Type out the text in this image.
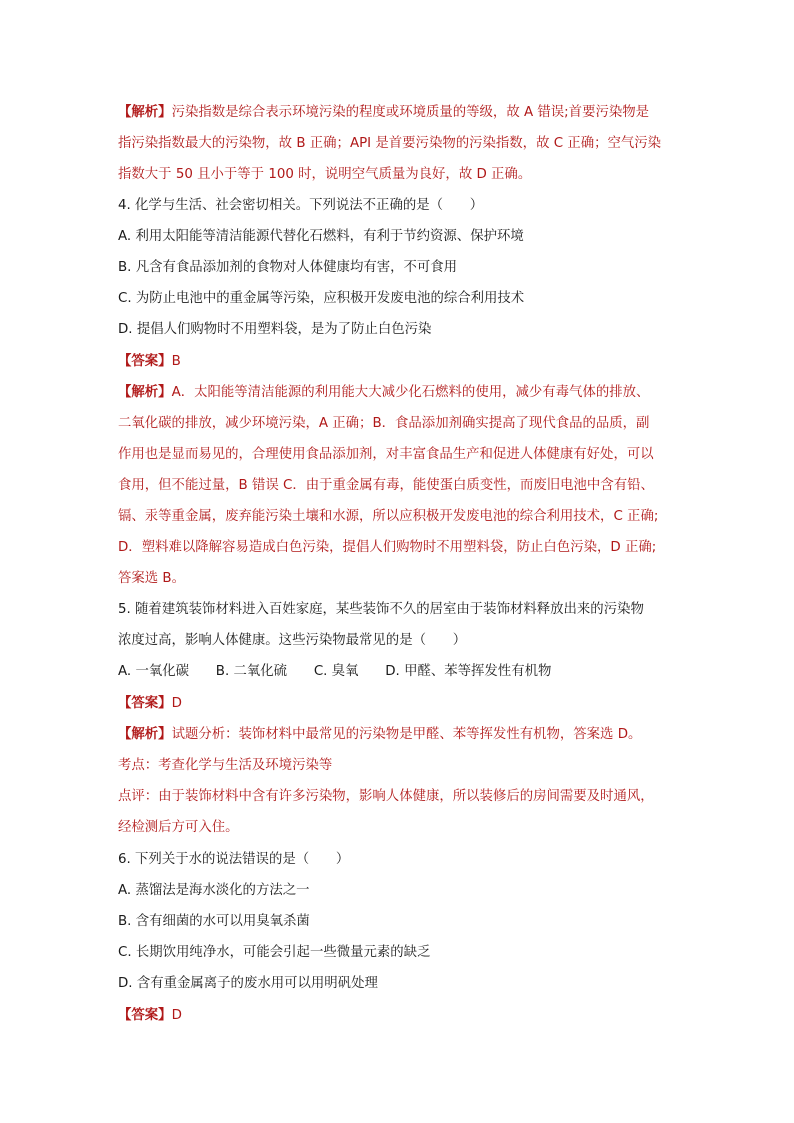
【解析】污染指数是综合表示环境污染的程度或环境质量的等级，故 A 错误;首要污染物是
指污染指数最大的污染物，故 B 正确；API 是首要污染物的污染指数，故 C 正确；空气污染
指数大于 50 且小于等于 100 时，说明空气质量为良好，故 D 正确。
4. 化学与生活、社会密切相关。下列说法不正确的是（　　）
A. 利用太阳能等清洁能源代替化石燃料，有利于节约资源、保护环境
B. 凡含有食品添加剂的食物对人体健康均有害，不可食用
C. 为防止电池中的重金属等污染，应积极开发废电池的综合利用技术
D. 提倡人们购物时不用塑料袋，是为了防止白色污染
【答案】B
【解析】A．太阳能等清洁能源的利用能大大减少化石燃料的使用，减少有毒气体的排放、
二氧化碳的排放，减少环境污染，A 正确；B．食品添加剂确实提高了现代食品的品质，副
作用也是显而易见的，合理使用食品添加剂，对丰富食品生产和促进人体健康有好处，可以
食用，但不能过量，B 错误 C．由于重金属有毒，能使蛋白质变性，而废旧电池中含有铅、
镉、汞等重金属，废弃能污染土壤和水源，所以应积极开发废电池的综合利用技术，C 正确;
D．塑料难以降解容易造成白色污染，提倡人们购物时不用塑料袋，防止白色污染，D 正确;
答案选 B。
5. 随着建筑装饰材料进入百姓家庭，某些装饰不久的居室由于装饰材料释放出来的污染物
浓度过高，影响人体健康。这些污染物最常见的是（　　）
A. 一氧化碳　　B. 二氧化硫　　C. 臭氧　　D. 甲醛、苯等挥发性有机物
【答案】D
【解析】试题分析：装饰材料中最常见的污染物是甲醛、苯等挥发性有机物，答案选 D。
考点：考查化学与生活及环境污染等
点评：由于装饰材料中含有许多污染物，影响人体健康，所以装修后的房间需要及时通风，
经检测后方可入住。
6. 下列关于水的说法错误的是（　　）
A. 蒸馏法是海水淡化的方法之一
B. 含有细菌的水可以用臭氧杀菌
C. 长期饮用纯净水，可能会引起一些微量元素的缺乏
D. 含有重金属离子的废水用可以用明矾处理
【答案】D
